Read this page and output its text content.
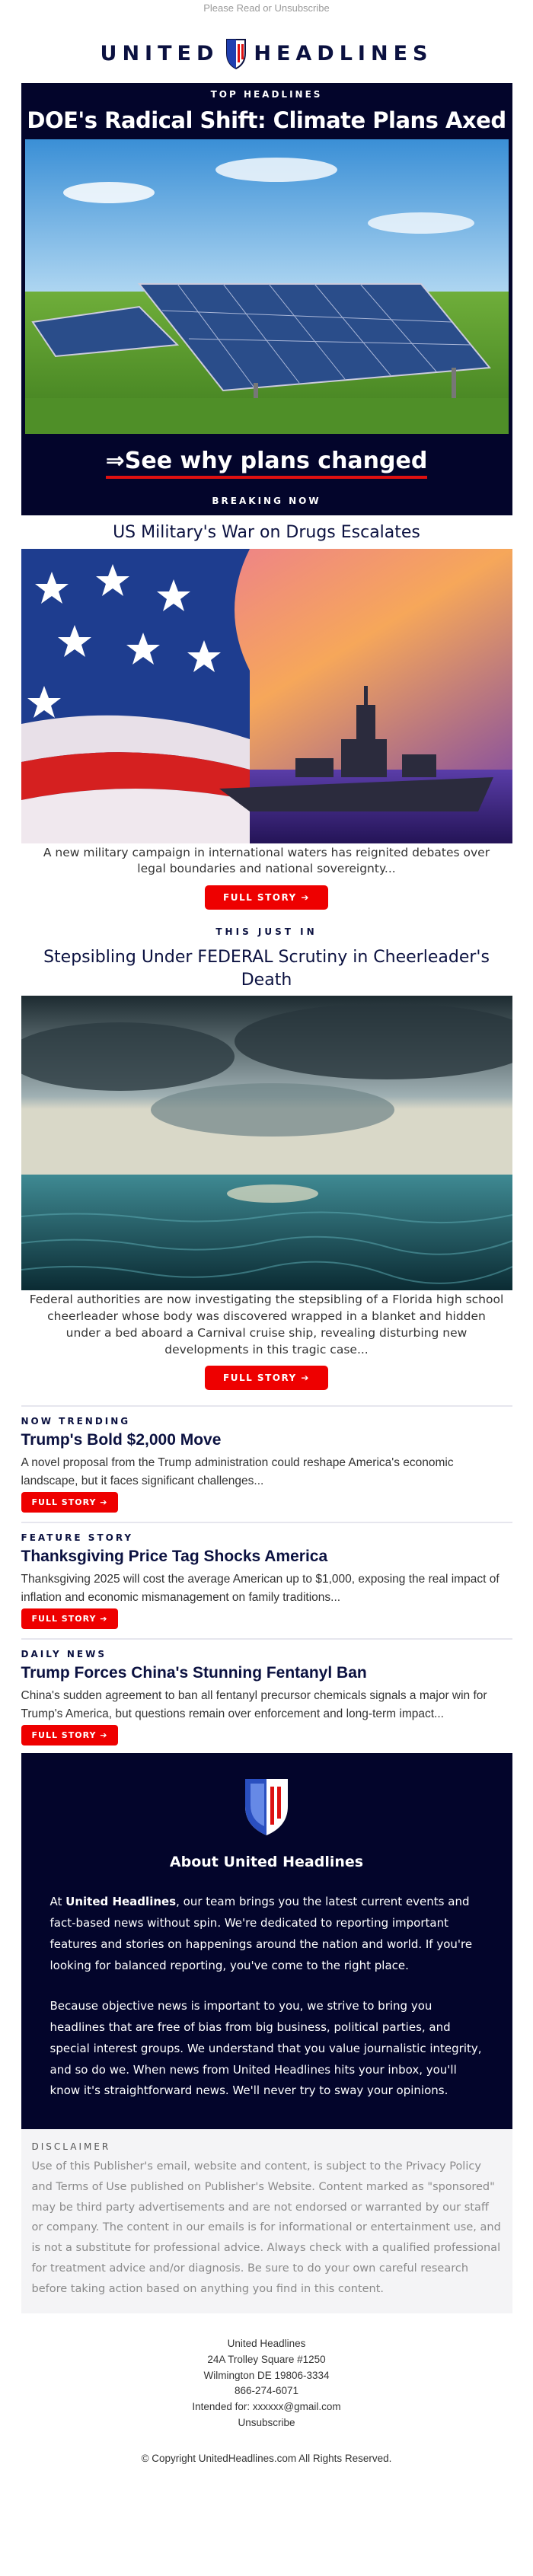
Please Read or Unsubscribe
UNITED HEADLINES
TOP HEADLINES
DOE's Radical Shift: Climate Plans Axed
⇒See why plans changed
BREAKING NOW
US Military's War on Drugs Escalates
A new military campaign in international waters has reignited debates over legal boundaries and national sovereignty...
FULL STORY ➔
THIS JUST IN
Stepsibling Under FEDERAL Scrutiny in Cheerleader's Death
Federal authorities are now investigating the stepsibling of a Florida high school cheerleader whose body was discovered wrapped in a blanket and hidden under a bed aboard a Carnival cruise ship, revealing disturbing new developments in this tragic case...
FULL STORY ➔
NOW TRENDING
Trump's Bold $2,000 Move
A novel proposal from the Trump administration could reshape America's economic landscape, but it faces significant challenges...
FULL STORY ➔
FEATURE STORY
Thanksgiving Price Tag Shocks America
Thanksgiving 2025 will cost the average American up to $1,000, exposing the real impact of inflation and economic mismanagement on family traditions...
FULL STORY ➔
DAILY NEWS
Trump Forces China's Stunning Fentanyl Ban
China's sudden agreement to ban all fentanyl precursor chemicals signals a major win for Trump's America, but questions remain over enforcement and long-term impact...
FULL STORY ➔
About United Headlines

At United Headlines, our team brings you the latest current events and fact-based news without spin. We're dedicated to reporting important features and stories on happenings around the nation and world. If you're looking for balanced reporting, you've come to the right place.

Because objective news is important to you, we strive to bring you headlines that are free of bias from big business, political parties, and special interest groups. We understand that you value journalistic integrity, and so do we. When news from United Headlines hits your inbox, you'll know it's straightforward news. We'll never try to sway your opinions.

DISCLAIMER
Use of this Publisher's email, website and content, is subject to the Privacy Policy and Terms of Use published on Publisher's Website. Content marked as "sponsored" may be third party advertisements and are not endorsed or warranted by our staff or company. The content in our emails is for informational or entertainment use, and is not a substitute for professional advice. Always check with a qualified professional for treatment advice and/or diagnosis. Be sure to do your own careful research before taking action based on anything you find in this content.
United Headlines
24A Trolley Square #1250
Wilmington DE 19806-3334
866-274-6071
Intended for: xxxxxx@gmail.com
Unsubscribe
© Copyright UnitedHeadlines.com All Rights Reserved.
